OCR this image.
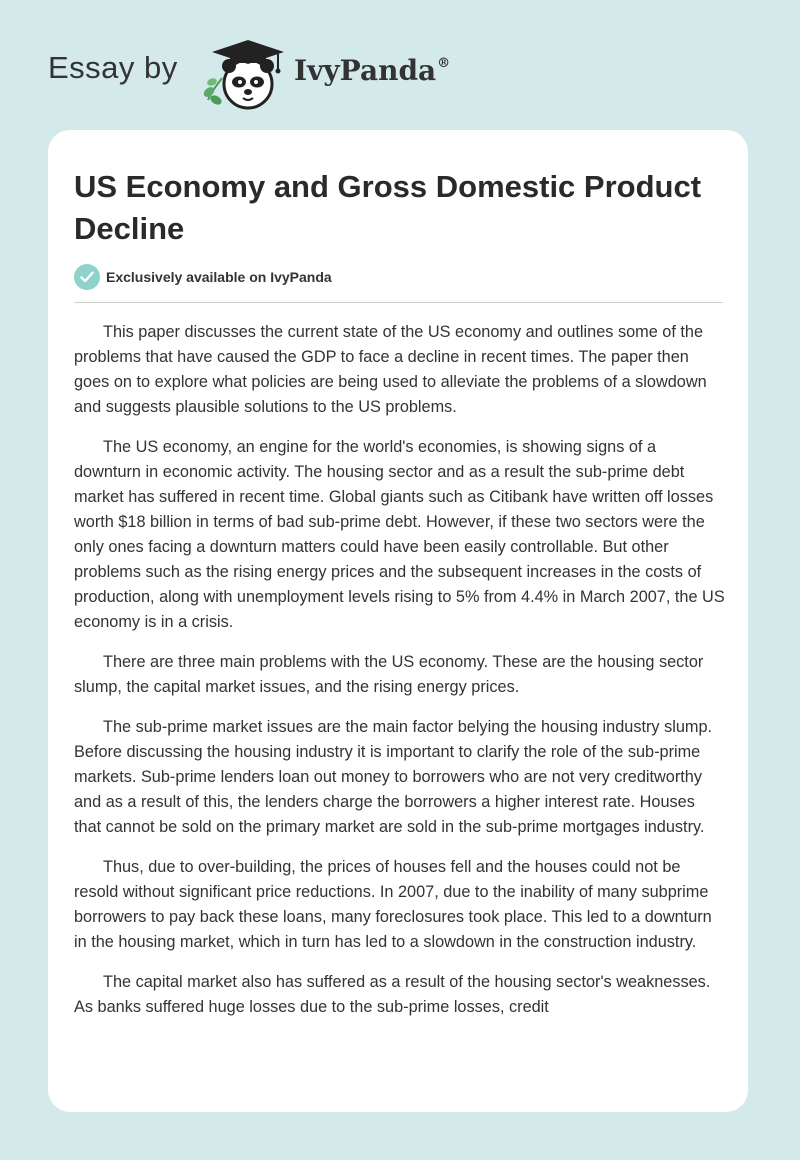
Essay by	IvyPanda®
US Economy and Gross Domestic Product Decline
Exclusively available on IvyPanda

This paper discusses the current state of the US economy and outlines some of the problems that have caused the GDP to face a decline in recent times. The paper then goes on to explore what policies are being used to alleviate the problems of a slowdown and suggests plausible solutions to the US problems.

The US economy, an engine for the world's economies, is showing signs of a downturn in economic activity. The housing sector and as a result the sub-prime debt market has suffered in recent time. Global giants such as Citibank have written off losses worth $18 billion in terms of bad sub-prime debt. However, if these two sectors were the only ones facing a downturn matters could have been easily controllable. But other problems such as the rising energy prices and the subsequent increases in the costs of production, along with unemployment levels rising to 5% from 4.4% in March 2007, the US economy is in a crisis.

There are three main problems with the US economy. These are the housing sector slump, the capital market issues, and the rising energy prices.

The sub-prime market issues are the main factor belying the housing industry slump. Before discussing the housing industry it is important to clarify the role of the sub-prime markets. Sub-prime lenders loan out money to borrowers who are not very creditworthy and as a result of this, the lenders charge the borrowers a higher interest rate. Houses that cannot be sold on the primary market are sold in the sub-prime mortgages industry.

Thus, due to over-building, the prices of houses fell and the houses could not be resold without significant price reductions. In 2007, due to the inability of many subprime borrowers to pay back these loans, many foreclosures took place. This led to a downturn in the housing market, which in turn has led to a slowdown in the construction industry.

The capital market also has suffered as a result of the housing sector's weaknesses. As banks suffered huge losses due to the sub-prime losses, credit
